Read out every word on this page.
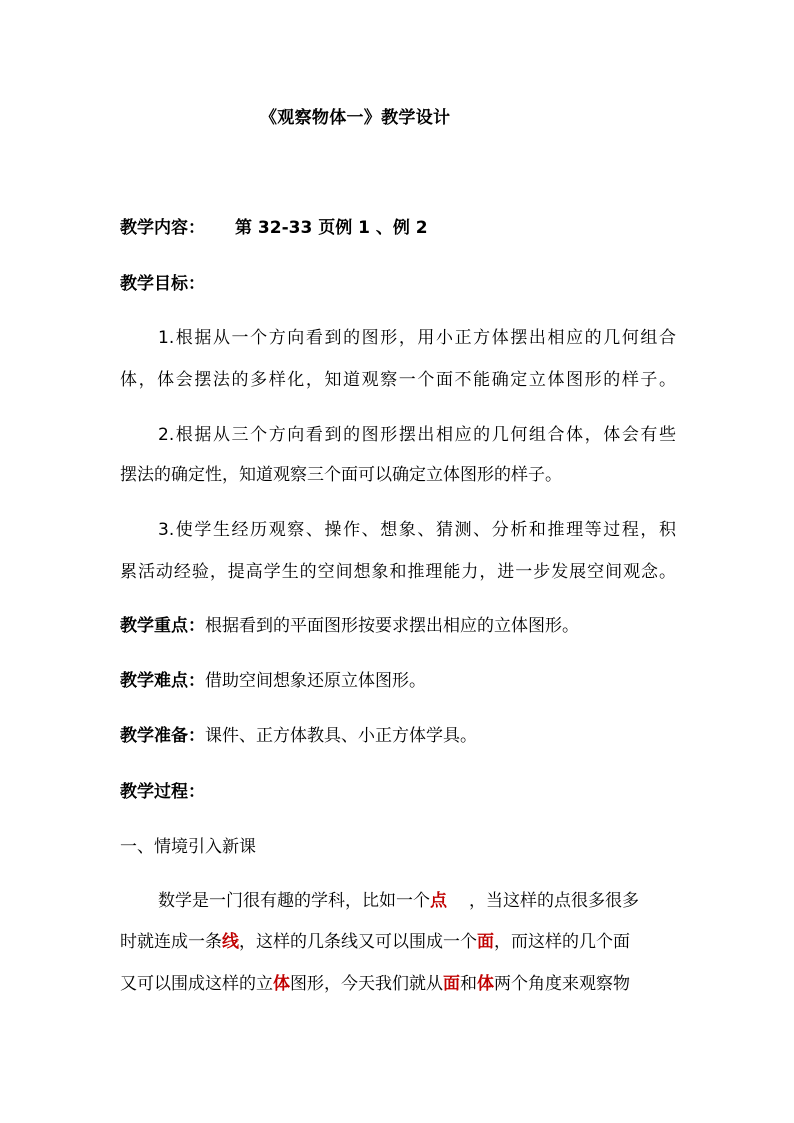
《观察物体一》教学设计
教学内容： 第 32-33 页例 1 、例 2
教学目标：
1.根据从一个方向看到的图形，用小正方体摆出相应的几何组合
体，体会摆法的多样化，知道观察一个面不能确定立体图形的样子。
2.根据从三个方向看到的图形摆出相应的几何组合体，体会有些
摆法的确定性，知道观察三个面可以确定立体图形的样子。
3.使学生经历观察、操作、想象、猜测、分析和推理等过程，积
累活动经验，提高学生的空间想象和推理能力，进一步发展空间观念。
教学重点：根据看到的平面图形按要求摆出相应的立体图形。
教学难点：借助空间想象还原立体图形。
教学准备：课件、正方体教具、小正方体学具。
教学过程：
一、情境引入新课
数学是一门很有趣的学科，比如一个点 ，当这样的点很多很多
时就连成一条线，这样的几条线又可以围成一个面，而这样的几个面
又可以围成这样的立体图形，今天我们就从面和体两个角度来观察物
